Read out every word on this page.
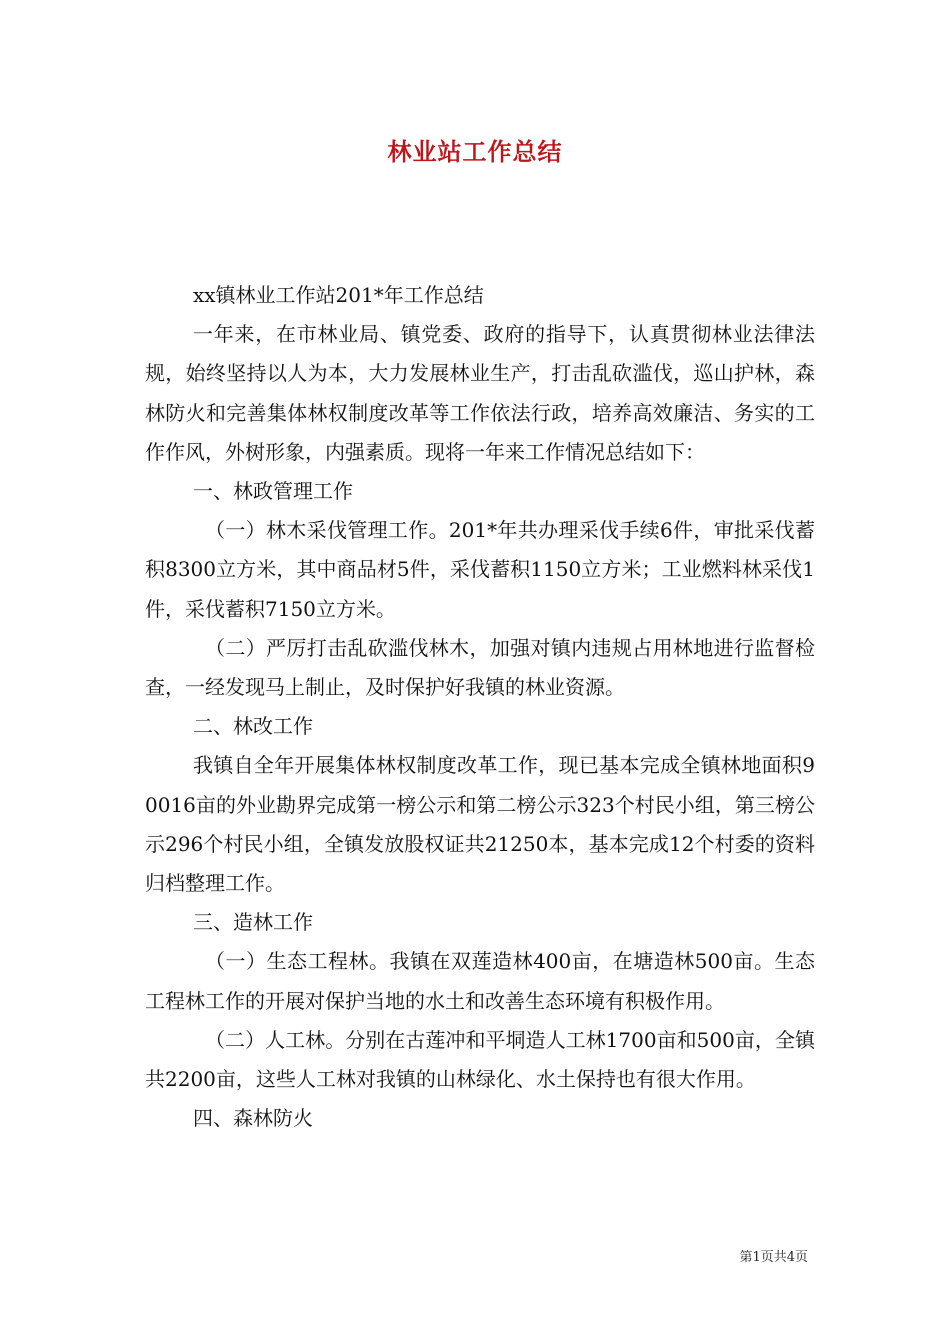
林业站工作总结

xx镇林业工作站201*年工作总结

一年来，在市林业局、镇党委、政府的指导下，认真贯彻林业法律法规，始终坚持以人为本，大力发展林业生产，打击乱砍滥伐，巡山护林，森林防火和完善集体林权制度改革等工作依法行政，培养高效廉洁、务实的工作作风，外树形象，内强素质。现将一年来工作情况总结如下：

一、林政管理工作

（一）林木采伐管理工作。201*年共办理采伐手续6件，审批采伐蓄积8300立方米，其中商品材5件，采伐蓄积1150立方米；工业燃料林采伐1件，采伐蓄积7150立方米。

（二）严厉打击乱砍滥伐林木，加强对镇内违规占用林地进行监督检查，一经发现马上制止，及时保护好我镇的林业资源。

二、林改工作

我镇自全年开展集体林权制度改革工作，现已基本完成全镇林地面积90016亩的外业勘界完成第一榜公示和第二榜公示323个村民小组，第三榜公示296个村民小组，全镇发放股权证共21250本，基本完成12个村委的资料归档整理工作。

三、造林工作

（一）生态工程林。我镇在双莲造林400亩，在塘造林500亩。生态工程林工作的开展对保护当地的水土和改善生态环境有积极作用。

（二）人工林。分别在古莲冲和平垌造人工林1700亩和500亩，全镇共2200亩，这些人工林对我镇的山林绿化、水土保持也有很大作用。

四、森林防火

第1页共4页
